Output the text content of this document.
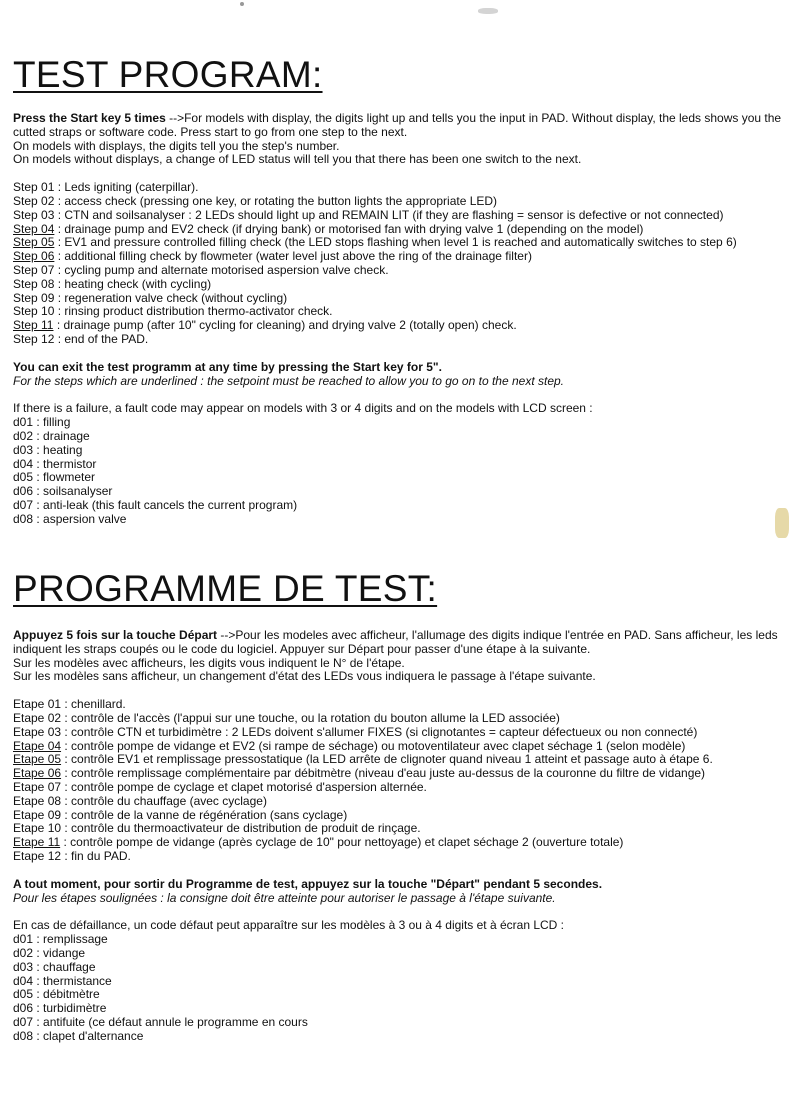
TEST PROGRAM:

Press the Start key 5 times -->For models with display, the digits light up and tells you the input in PAD. Without display, the leds shows you the cutted straps or software code. Press start to go from one step to the next.

On models with displays, the digits tell you the step's number.

On models without displays, a change of LED status will tell you that there has been one switch to the next.

Step 01 : Leds igniting (caterpillar).
Step 02 : access check (pressing one key, or rotating the button lights the appropriate LED)
Step 03 : CTN and soilsanalyser : 2 LEDs should light up and REMAIN LIT (if they are flashing = sensor is defective or not connected)
Step 04 : drainage pump and EV2 check (if drying bank) or motorised fan with drying valve 1 (depending on the model)
Step 05 : EV1 and pressure controlled filling check (the LED stops flashing when level 1 is reached and automatically switches to step 6)
Step 06 : additional filling check by flowmeter (water level just above the ring of the drainage filter)
Step 07 : cycling pump and alternate motorised aspersion valve check.
Step 08 : heating check (with cycling)
Step 09 : regeneration valve check (without cycling)
Step 10 : rinsing product distribution thermo-activator check.
Step 11 : drainage pump (after 10" cycling for cleaning) and drying valve 2 (totally open) check.
Step 12 : end of the PAD.
You can exit the test programm at any time by pressing the Start key for 5".
For the steps which are underlined : the setpoint must be reached to allow you to go on to the next step.
If there is a failure, a fault code may appear on models with 3 or 4 digits and on the models with LCD screen :
d01 : filling
d02 : drainage
d03 : heating
d04 : thermistor
d05 : flowmeter
d06 : soilsanalyser
d07 : anti-leak (this fault cancels the current program)
d08 : aspersion valve
PROGRAMME DE TEST:

Appuyez 5 fois sur la touche Départ -->Pour les modeles avec afficheur, l'allumage des digits indique l'entrée en PAD. Sans afficheur, les leds indiquent les straps coupés ou le code du logiciel. Appuyer sur Départ pour passer d'une étape à la suivante.

Sur les modèles avec afficheurs, les digits vous indiquent le N° de l'étape.

Sur les modèles sans afficheur, un changement d'état des LEDs vous indiquera le passage à l'étape suivante.

Etape 01 : chenillard.
Etape 02 : contrôle de l'accès (l'appui sur une touche, ou la rotation du bouton allume la LED associée)
Etape 03 : contrôle CTN et turbidimètre : 2 LEDs doivent s'allumer FIXES (si clignotantes = capteur défectueux ou non connecté)
Etape 04 : contrôle pompe de vidange et EV2 (si rampe de séchage) ou motoventilateur avec clapet séchage 1 (selon modèle)
Etape 05 : contrôle EV1 et remplissage pressostatique (la LED arrête de clignoter quand niveau 1 atteint et passage auto à étape 6.
Etape 06 : contrôle remplissage complémentaire par débitmètre (niveau d'eau juste au-dessus de la couronne du filtre de vidange)
Etape 07 : contrôle pompe de cyclage et clapet motorisé d'aspersion alternée.
Etape 08 : contrôle du chauffage (avec cyclage)
Etape 09 : contrôle de la vanne de régénération (sans cyclage)
Etape 10 : contrôle du thermoactivateur de distribution de produit de rinçage.
Etape 11 : contrôle pompe de vidange (après cyclage de 10" pour nettoyage) et clapet séchage 2 (ouverture totale)
Etape 12 : fin du PAD.
A tout moment, pour sortir du Programme de test, appuyez sur la touche "Départ" pendant 5 secondes.
Pour les étapes soulignées : la consigne doit être atteinte pour autoriser le passage à l'étape suivante.
En cas de défaillance, un code défaut peut apparaître sur les modèles à 3 ou à 4 digits et à écran LCD :
d01 : remplissage
d02 : vidange
d03 : chauffage
d04 : thermistance
d05 : débitmètre
d06 : turbidimètre
d07 : antifuite (ce défaut annule le programme en cours
d08 : clapet d'alternance
